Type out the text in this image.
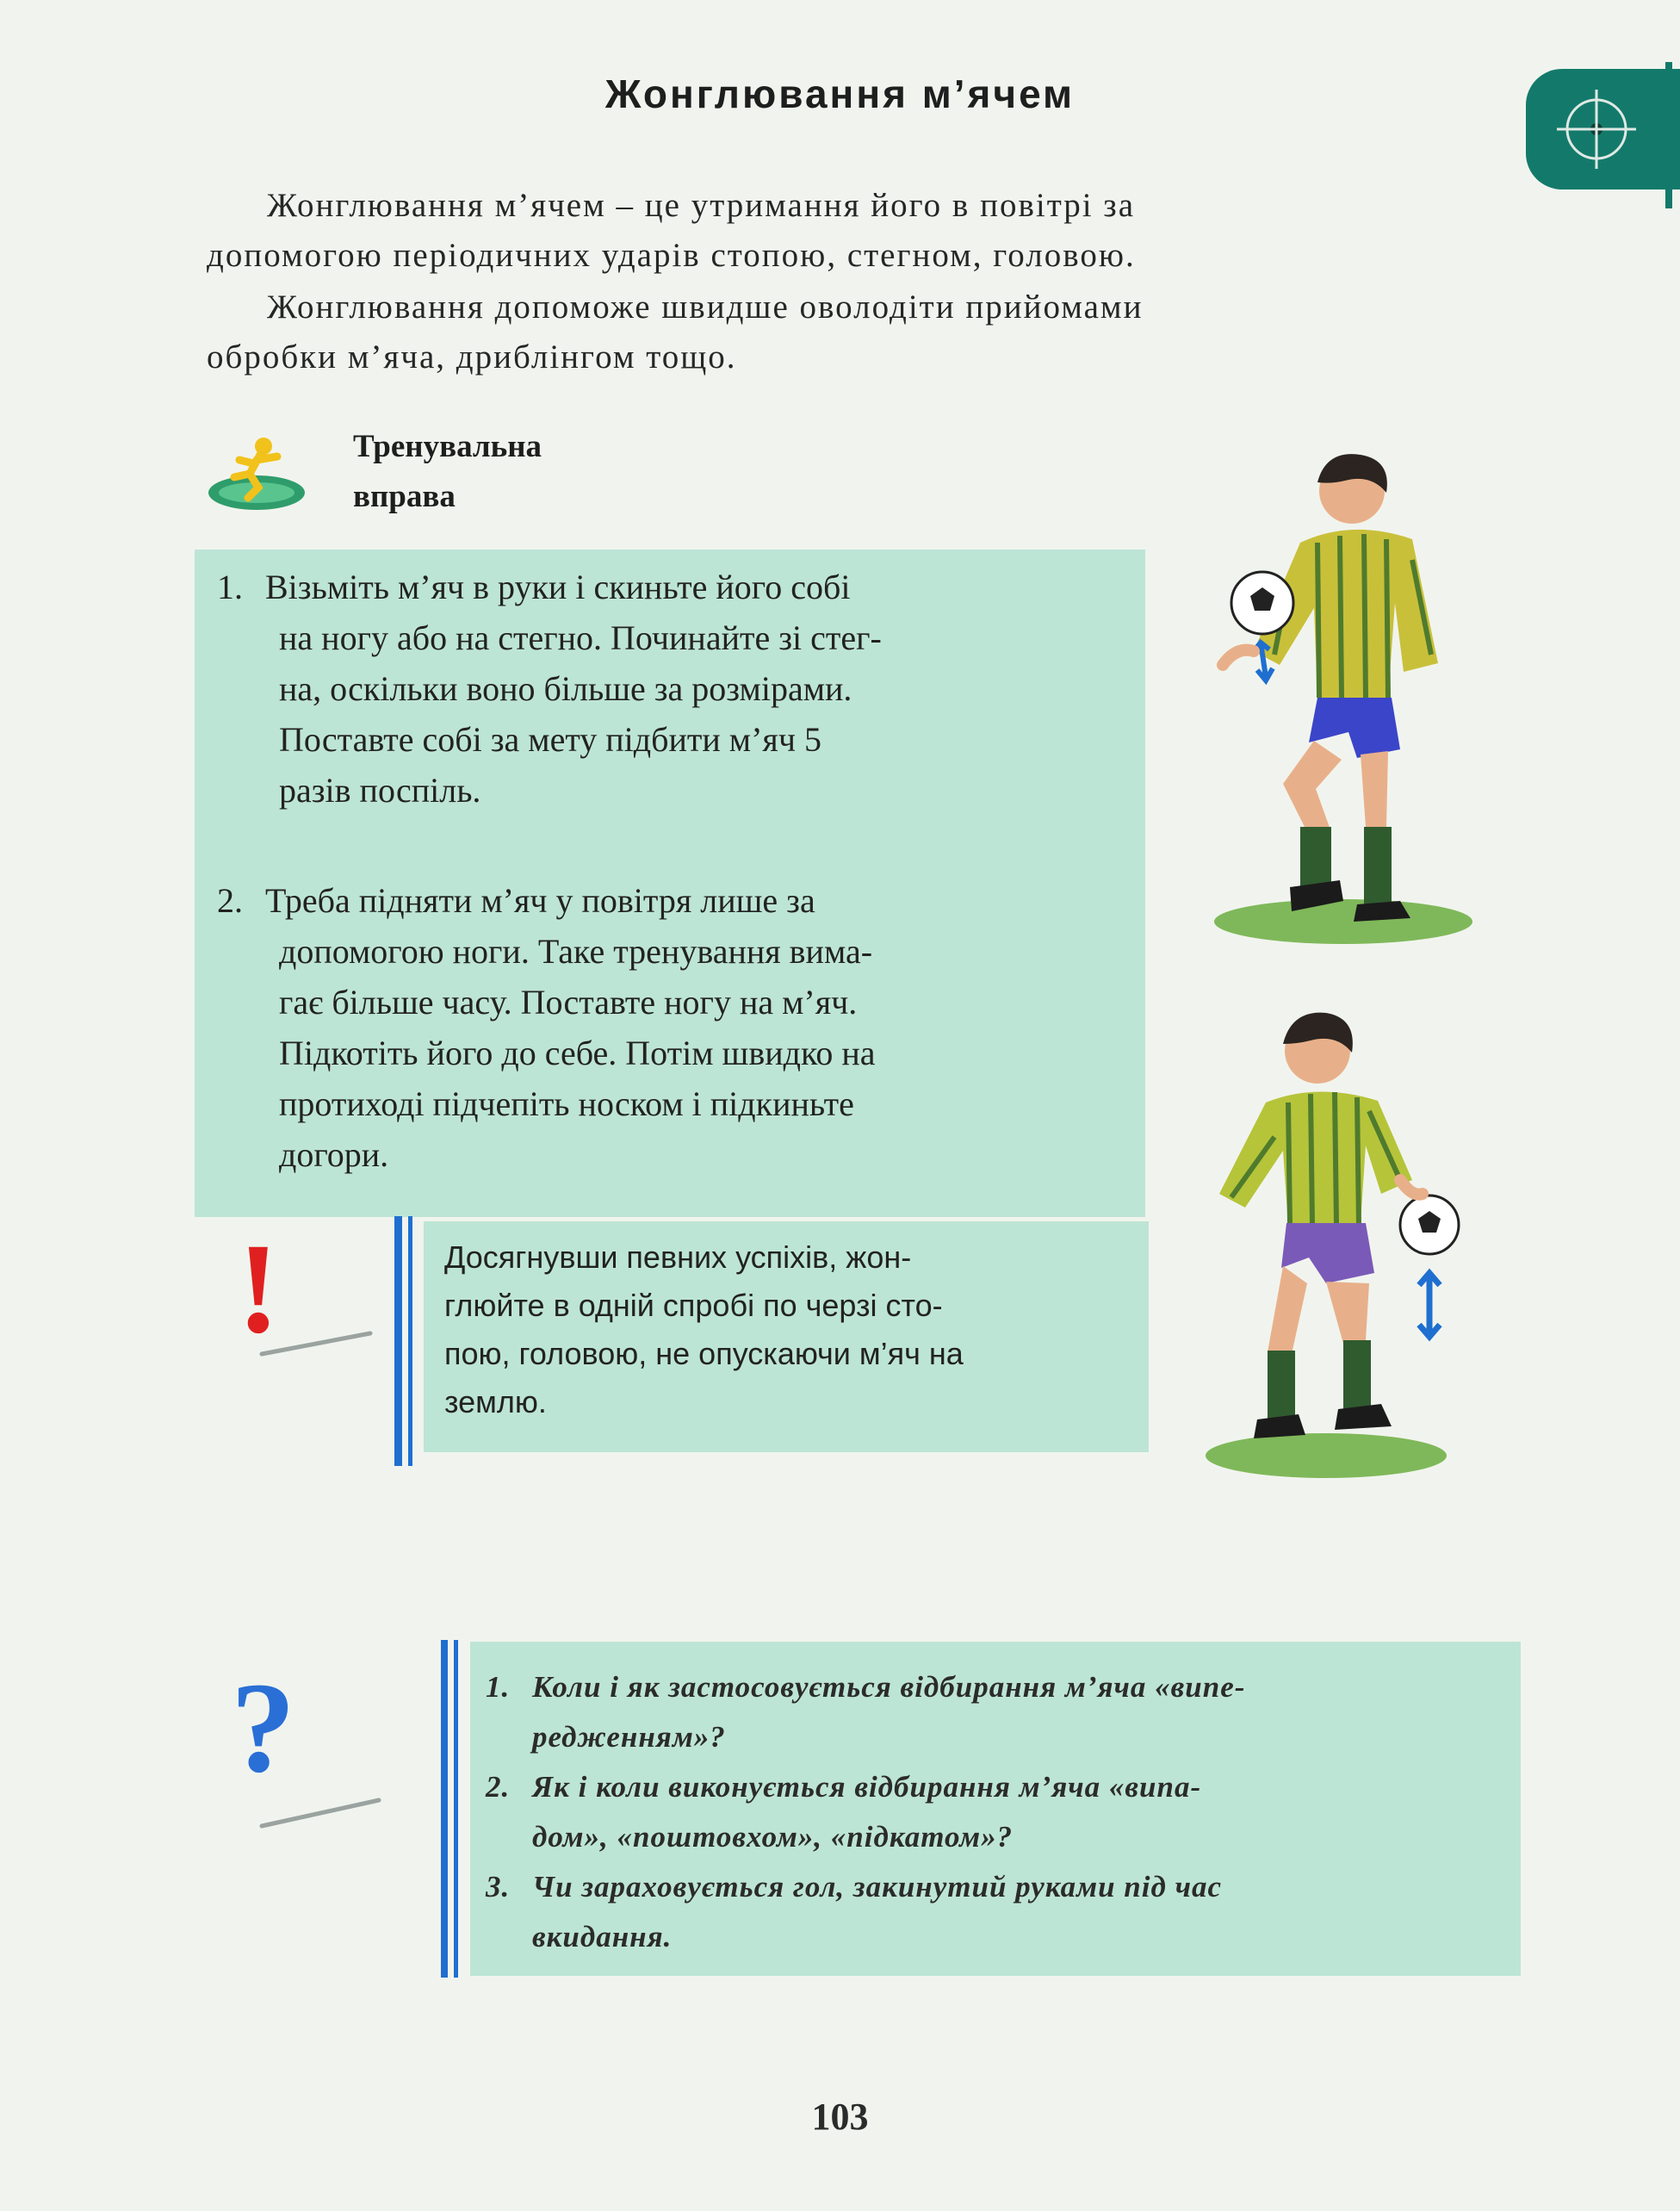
Жонглювання м’ячем
Жонглювання м’ячем – це утримання його в повітрі за
допомогою періодичних ударів стопою, стегном, головою.
Жонглювання допоможе швидше оволодіти прийомами
обробки м’яча, дриблінгом тощо.
Тренувальна
вправа
1. Візьміть м’яч в руки і скиньте його собі
на ногу або на стегно. Починайте зі стег-
на, оскільки воно більше за розмірами.
Поставте собі за мету підбити м’яч 5
разів поспіль.
2. Треба підняти м’яч у повітря лише за
допомогою ноги. Таке тренування вима-
гає більше часу. Поставте ногу на м’яч.
Підкотіть його до себе. Потім швидко на
протиході підчепіть носком і підкиньте
догори.
!	Досягнувши певних успіхів, жон-
глюйте в одній спробі по черзі сто-
пою, головою, не опускаючи м’яч на
землю.
?	1. Коли і як застосовується відбирання м’яча «випе-
редженням»?
2. Як і коли виконується відбирання м’яча «випа-
дом», «поштовхом», «підкатом»?
3. Чи зараховується гол, закинутий руками під час
вкидання.
103
